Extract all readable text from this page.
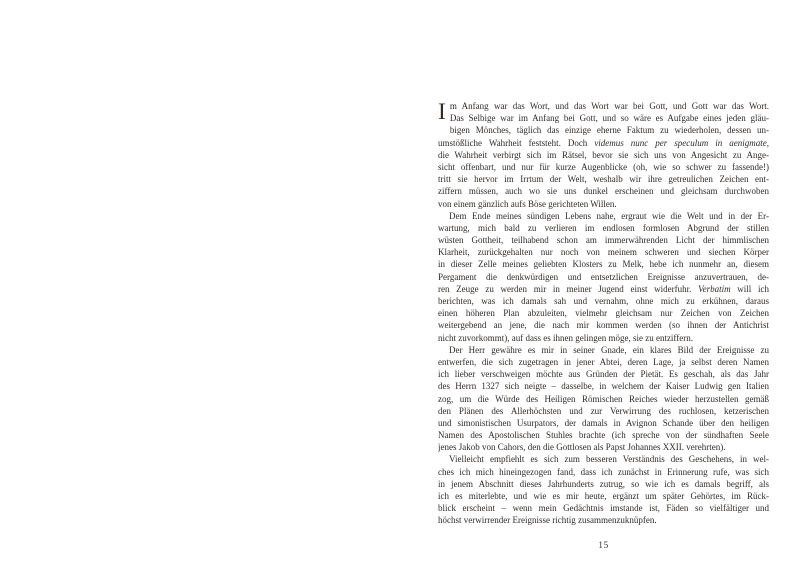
I m Anfang war das Wort, und das Wort war bei Gott, und Gott war das Wort.
Das Selbige war im Anfang bei Gott, und so wäre es Aufgabe eines jeden gläu-
bigen Mönches, täglich das einzige eherne Faktum zu wiederholen, dessen un-
umstößliche Wahrheit feststeht. Doch videmus nunc per speculum in aenigmate,
die Wahrheit verbirgt sich im Rätsel, bevor sie sich uns von Angesicht zu Ange-
sicht offenbart, und nur für kurze Augenblicke (oh, wie so schwer zu fassende!)
tritt sie hervor im Irrtum der Welt, weshalb wir ihre getreulichen Zeichen ent-
ziffern müssen, auch wo sie uns dunkel erscheinen und gleichsam durchwoben
von einem gänzlich aufs Böse gerichteten Willen.
Dem Ende meines sündigen Lebens nahe, ergraut wie die Welt und in der Er-
wartung, mich bald zu verlieren im endlosen formlosen Abgrund der stillen
wüsten Gottheit, teilhabend schon am immerwährenden Licht der himmlischen
Klarheit, zurückgehalten nur noch von meinem schweren und siechen Körper
in dieser Zelle meines geliebten Klosters zu Melk, hebe ich nunmehr an, diesem
Pergament die denkwürdigen und entsetzlichen Ereignisse anzuvertrauen, de-
ren Zeuge zu werden mir in meiner Jugend einst widerfuhr. Verbatim will ich
berichten, was ich damals sah und vernahm, ohne mich zu erkühnen, daraus
einen höheren Plan abzuleiten, vielmehr gleichsam nur Zeichen von Zeichen
weitergebend an jene, die nach mir kommen werden (so ihnen der Antichrist
nicht zuvorkommt), auf dass es ihnen gelingen möge, sie zu entziffern.
Der Herr gewähre es mir in seiner Gnade, ein klares Bild der Ereignisse zu
entwerfen, die sich zugetragen in jener Abtei, deren Lage, ja selbst deren Namen
ich lieber verschweigen möchte aus Gründen der Pietät. Es geschah, als das Jahr
des Herrn 1327 sich neigte – dasselbe, in welchem der Kaiser Ludwig gen Italien
zog, um die Würde des Heiligen Römischen Reiches wieder herzustellen gemäß
den Plänen des Allerhöchsten und zur Verwirrung des ruchlosen, ketzerischen
und simonistischen Usurpators, der damals in Avignon Schande über den heiligen
Namen des Apostolischen Stuhles brachte (ich spreche von der sündhaften Seele
jenes Jakob von Cahors, den die Gottlosen als Papst Johannes XXII. verehrten).
Vielleicht empfiehlt es sich zum besseren Verständnis des Geschehens, in wel-
ches ich mich hineingezogen fand, dass ich zunächst in Erinnerung rufe, was sich
in jenem Abschnitt dieses Jahrhunderts zutrug, so wie ich es damals begriff, als
ich es miterlebte, und wie es mir heute, ergänzt um später Gehörtes, im Rück-
blick erscheint – wenn mein Gedächtnis imstande ist, Fäden so vielfältiger und
höchst verwirrender Ereignisse richtig zusammenzuknüpfen.
15
